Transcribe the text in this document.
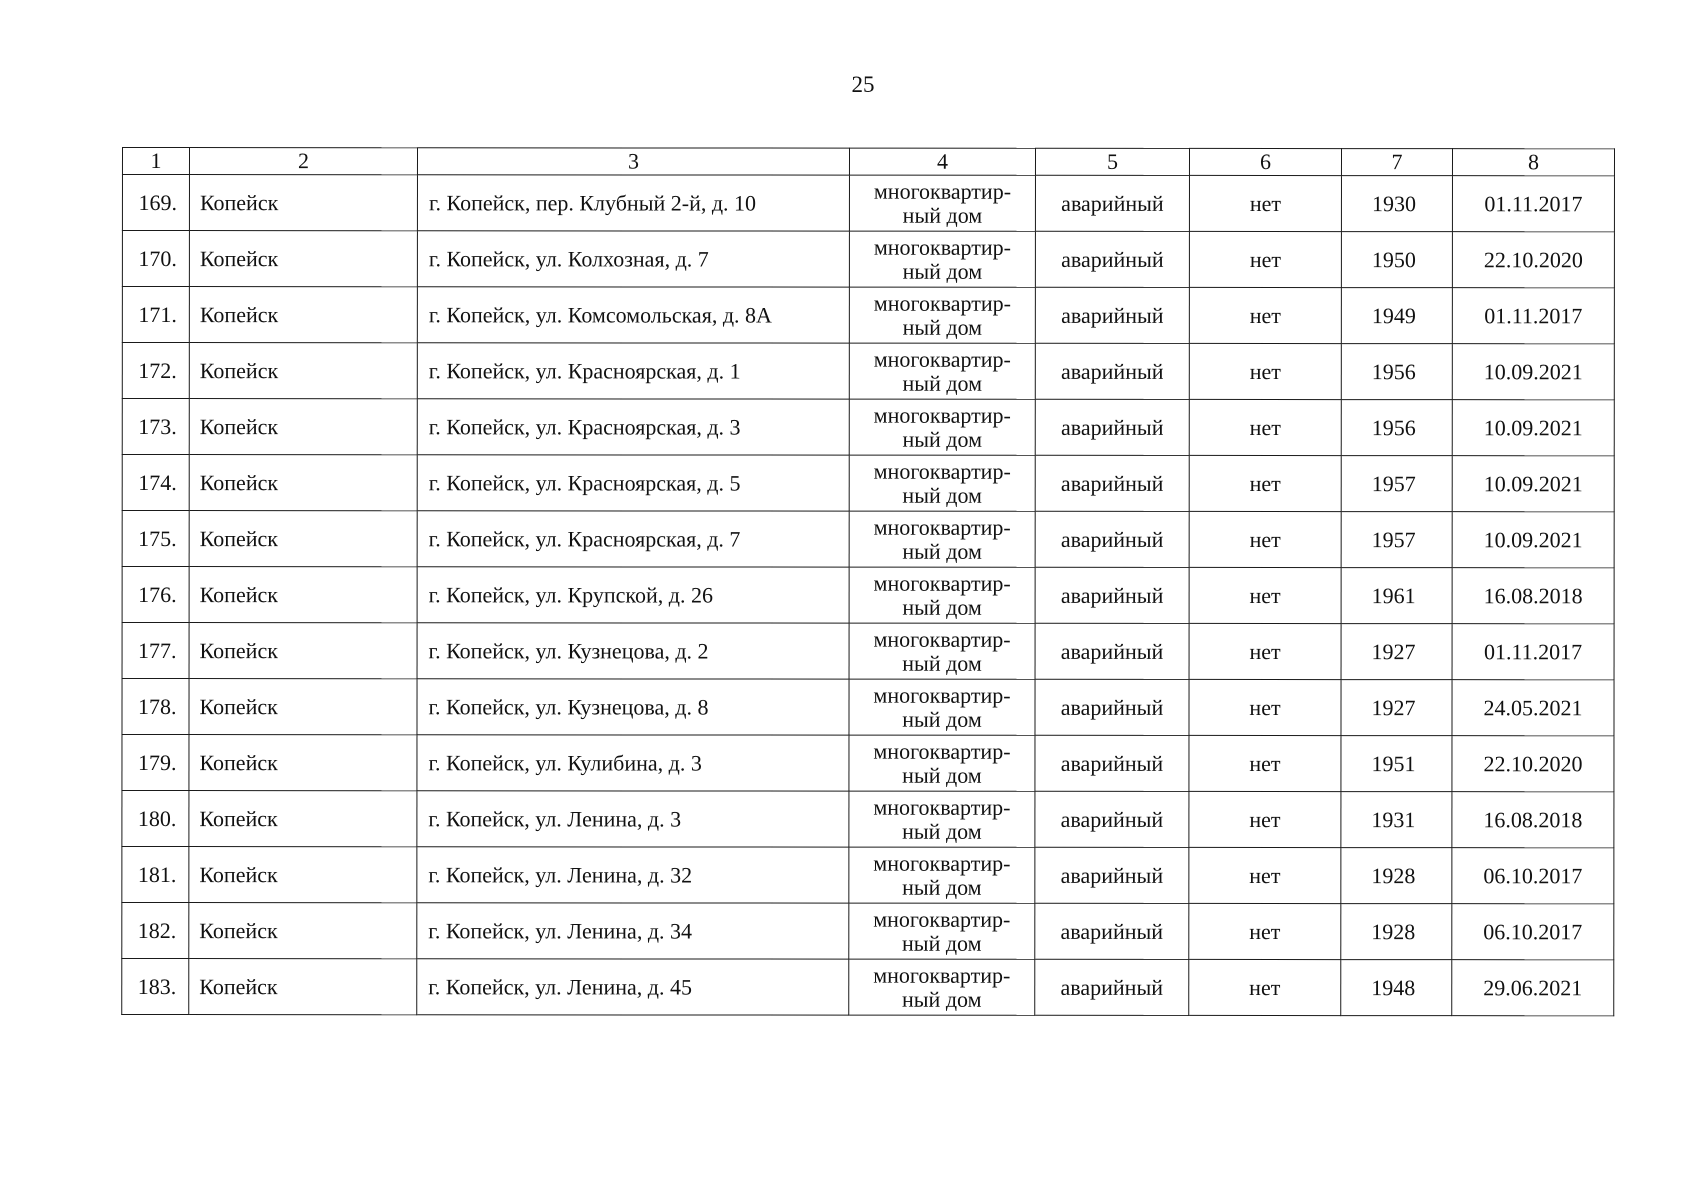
25
1	2	3	4	5	6	7	8
169.	Копейск	г. Копейск, пер. Клубный 2-й, д. 10	многоквартир-
ный дом	аварийный	нет	1930	01.11.2017
170.	Копейск	г. Копейск, ул. Колхозная, д. 7	многоквартир-
ный дом	аварийный	нет	1950	22.10.2020
171.	Копейск	г. Копейск, ул. Комсомольская, д. 8А	многоквартир-
ный дом	аварийный	нет	1949	01.11.2017
172.	Копейск	г. Копейск, ул. Красноярская, д. 1	многоквартир-
ный дом	аварийный	нет	1956	10.09.2021
173.	Копейск	г. Копейск, ул. Красноярская, д. 3	многоквартир-
ный дом	аварийный	нет	1956	10.09.2021
174.	Копейск	г. Копейск, ул. Красноярская, д. 5	многоквартир-
ный дом	аварийный	нет	1957	10.09.2021
175.	Копейск	г. Копейск, ул. Красноярская, д. 7	многоквартир-
ный дом	аварийный	нет	1957	10.09.2021
176.	Копейск	г. Копейск, ул. Крупской, д. 26	многоквартир-
ный дом	аварийный	нет	1961	16.08.2018
177.	Копейск	г. Копейск, ул. Кузнецова, д. 2	многоквартир-
ный дом	аварийный	нет	1927	01.11.2017
178.	Копейск	г. Копейск, ул. Кузнецова, д. 8	многоквартир-
ный дом	аварийный	нет	1927	24.05.2021
179.	Копейск	г. Копейск, ул. Кулибина, д. 3	многоквартир-
ный дом	аварийный	нет	1951	22.10.2020
180.	Копейск	г. Копейск, ул. Ленина, д. 3	многоквартир-
ный дом	аварийный	нет	1931	16.08.2018
181.	Копейск	г. Копейск, ул. Ленина, д. 32	многоквартир-
ный дом	аварийный	нет	1928	06.10.2017
182.	Копейск	г. Копейск, ул. Ленина, д. 34	многоквартир-
ный дом	аварийный	нет	1928	06.10.2017
183.	Копейск	г. Копейск, ул. Ленина, д. 45	многоквартир-
ный дом	аварийный	нет	1948	29.06.2021
